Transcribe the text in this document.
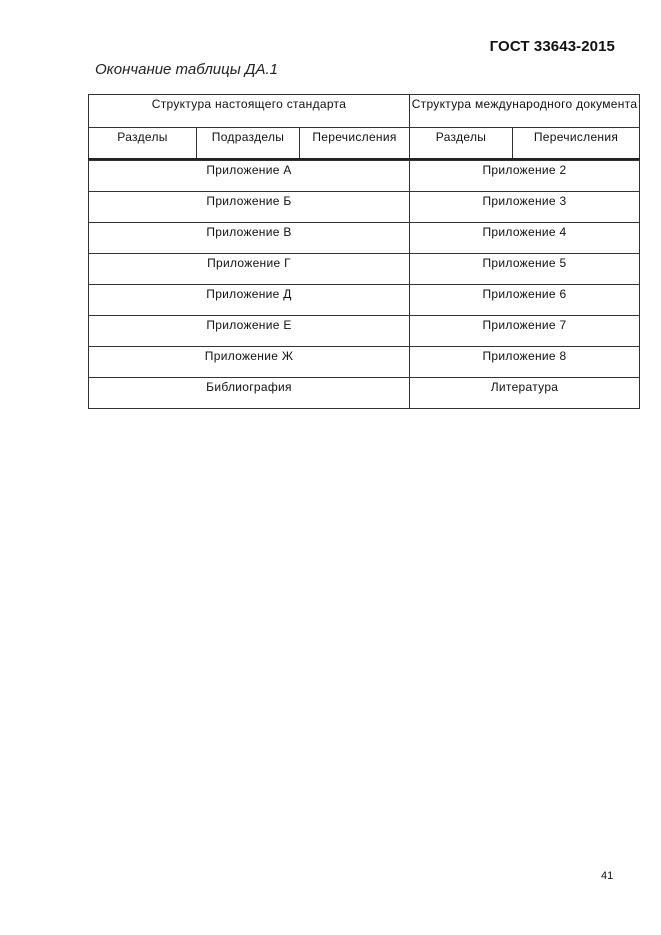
ГОСТ 33643-2015
Окончание таблицы ДА.1
Структура настоящего стандарта			Структура международного документа	
Разделы	Подразделы	Перечисления	Разделы	Перечисления

Приложение А			Приложение 2	
Приложение Б			Приложение 3	
Приложение В			Приложение 4	
Приложение Г			Приложение 5	
Приложение Д			Приложение 6	
Приложение Е			Приложение 7	
Приложение Ж			Приложение 8	
Библиография			Литература	
41
